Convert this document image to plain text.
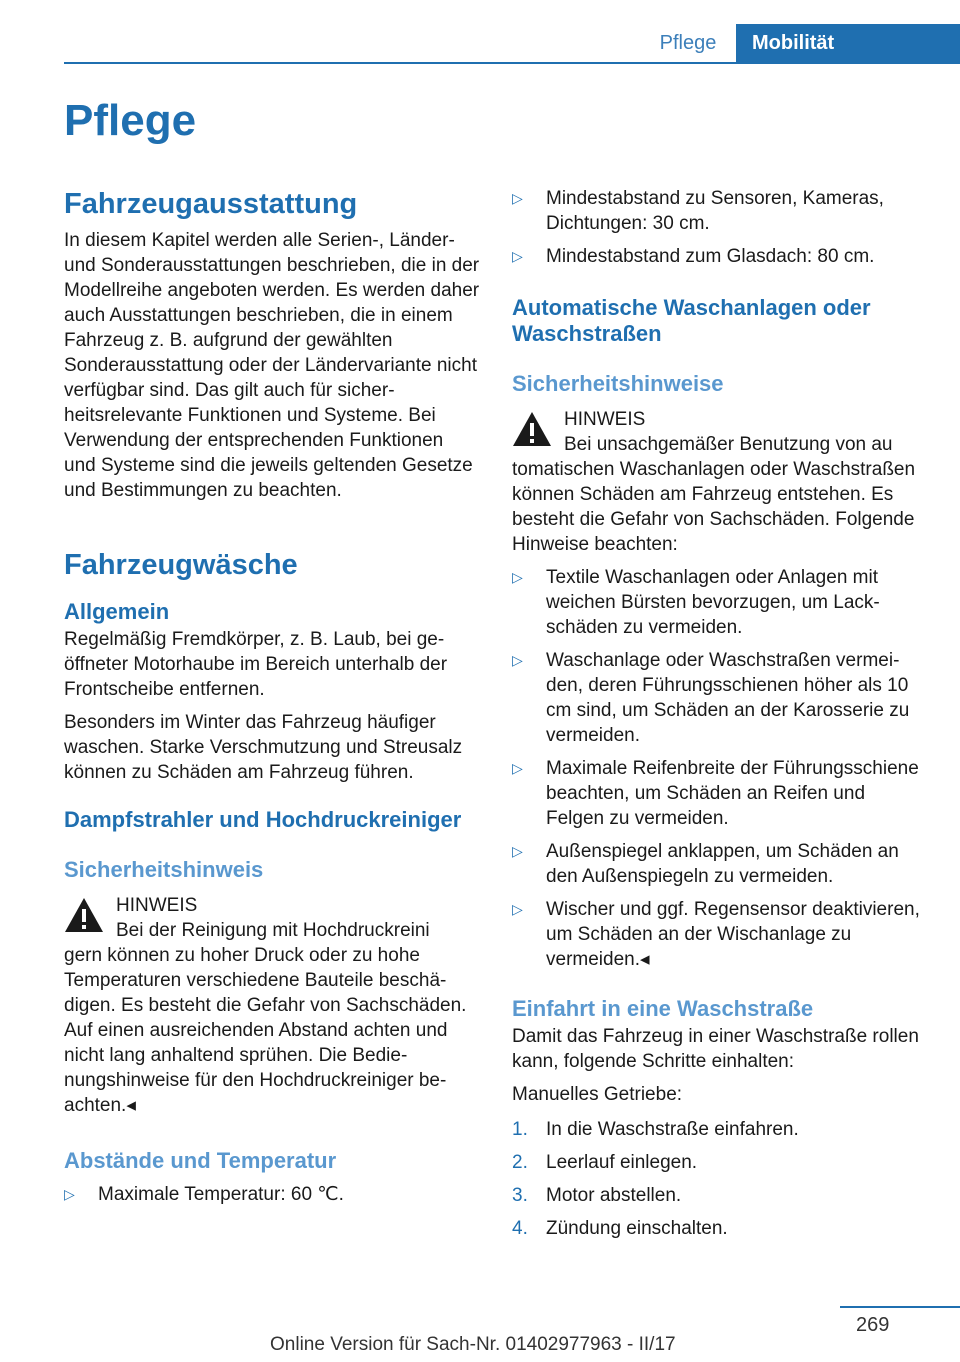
Pflege	Mobilität
Pflege
Fahrzeugausstattung
In diesem Kapitel werden alle Serien-, Länder- und Sonderausstattungen beschrieben, die in der Modellreihe angeboten werden. Es werden daher auch Ausstattungen beschrieben, die in einem Fahrzeug z. B. aufgrund der gewählten Sonderausstattung oder der Ländervariante nicht verfügbar sind. Das gilt auch für sicherheitsrelevante Funktionen und Systeme. Bei Verwendung der entsprechenden Funktionen und Systeme sind die jeweils geltenden Gesetze und Bestimmungen zu beachten.
Fahrzeugwäsche
Allgemein
Regelmäßig Fremdkörper, z. B. Laub, bei geöffneter Motorhaube im Bereich unterhalb der Frontscheibe entfernen.
Besonders im Winter das Fahrzeug häufiger waschen. Starke Verschmutzung und Streusalz können zu Schäden am Fahrzeug führen.
Dampfstrahler und Hochdruckreiniger
Sicherheitshinweis
HINWEIS
Bei der Reinigung mit Hochdruckreini
gern können zu hoher Druck oder zu hohe Temperaturen verschiedene Bauteile beschädigen. Es besteht die Gefahr von Sachschäden. Auf einen ausreichenden Abstand achten und nicht lang anhaltend sprühen. Die Bedienungshinweise für den Hochdruckreiniger beachten.◂
Abstände und Temperatur
▷ Maximale Temperatur: 60 ℃.
▷ Mindestabstand zu Sensoren, Kameras, Dichtungen: 30 cm.
▷ Mindestabstand zum Glasdach: 80 cm.
Automatische Waschanlagen oder Waschstraßen
Sicherheitshinweise
HINWEIS
Bei unsachgemäßer Benutzung von au
tomatischen Waschanlagen oder Waschstraßen können Schäden am Fahrzeug entstehen. Es besteht die Gefahr von Sachschäden. Folgende Hinweise beachten:
▷ Textile Waschanlagen oder Anlagen mit weichen Bürsten bevorzugen, um Lackschäden zu vermeiden.
▷ Waschanlage oder Waschstraßen vermeiden, deren Führungsschienen höher als 10 cm sind, um Schäden an der Karosserie zu vermeiden.
▷ Maximale Reifenbreite der Führungsschiene beachten, um Schäden an Reifen und Felgen zu vermeiden.
▷ Außenspiegel anklappen, um Schäden an den Außenspiegeln zu vermeiden.
▷ Wischer und ggf. Regensensor deaktivieren, um Schäden an der Wischanlage zu vermeiden.◂
Einfahrt in eine Waschstraße
Damit das Fahrzeug in einer Waschstraße rollen kann, folgende Schritte einhalten:
Manuelles Getriebe:
1. In die Waschstraße einfahren.
2. Leerlauf einlegen.
3. Motor abstellen.
4. Zündung einschalten.
269
Online Version für Sach-Nr. 01402977963 - II/17
